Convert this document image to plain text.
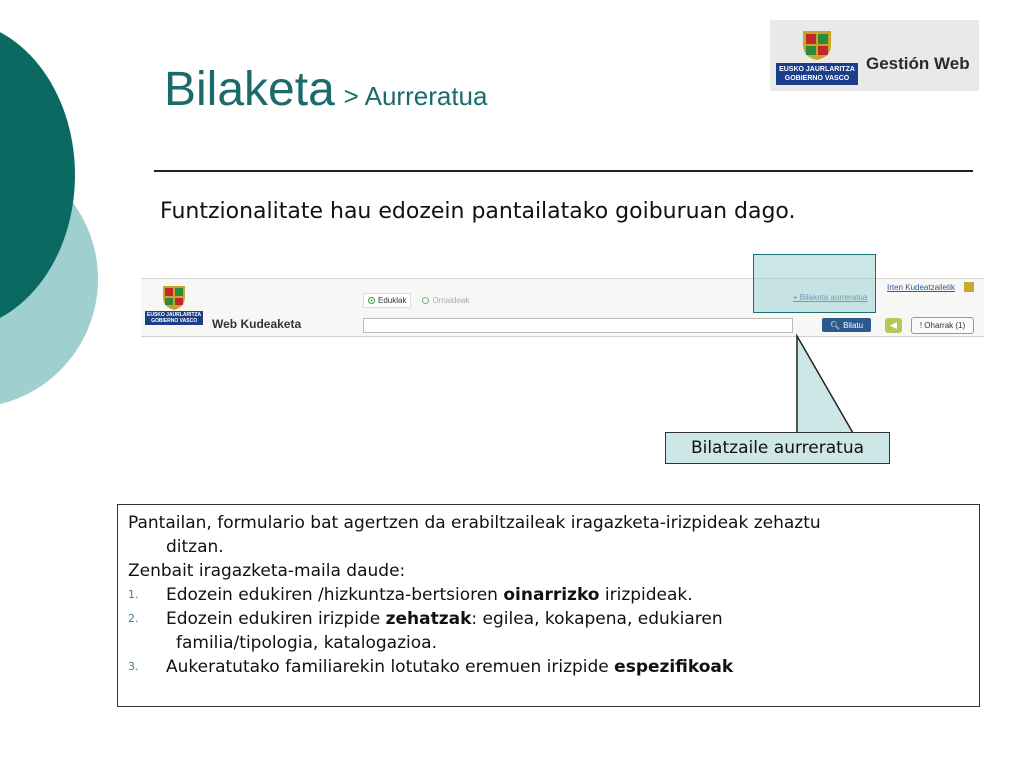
Bilaketa > Aurreratua
EUSKO JAURLARITZA
GOBIERNO VASCO
Gestión Web
Funtzionalitate hau edozein pantailatako goiburuan dago.
EUSKO JAURLARITZA
GOBIERNO VASCO	Web Kudeaketa
Eduklak	Orrialdeak
🔍︎ Bilatu
Irten Kudeatzailetik
◀	! Oharrak (1)
Bilatzaile aurreratua

Pantailan, formulario bat agertzen da erabiltzaileak iragazketa-irizpideak zehaztu

ditzan.

Zenbait iragazketa-maila daude:

1.	Edozein edukiren /hizkuntza-bertsioren oinarrizko irizpideak.
2.	Edozein edukiren irizpide zehatzak: egilea, kokapena, edukiaren
familia/tipologia, katalogazioa.
3.	Aukeratutako familiarekin lotutako eremuen irizpide espezifikoak
